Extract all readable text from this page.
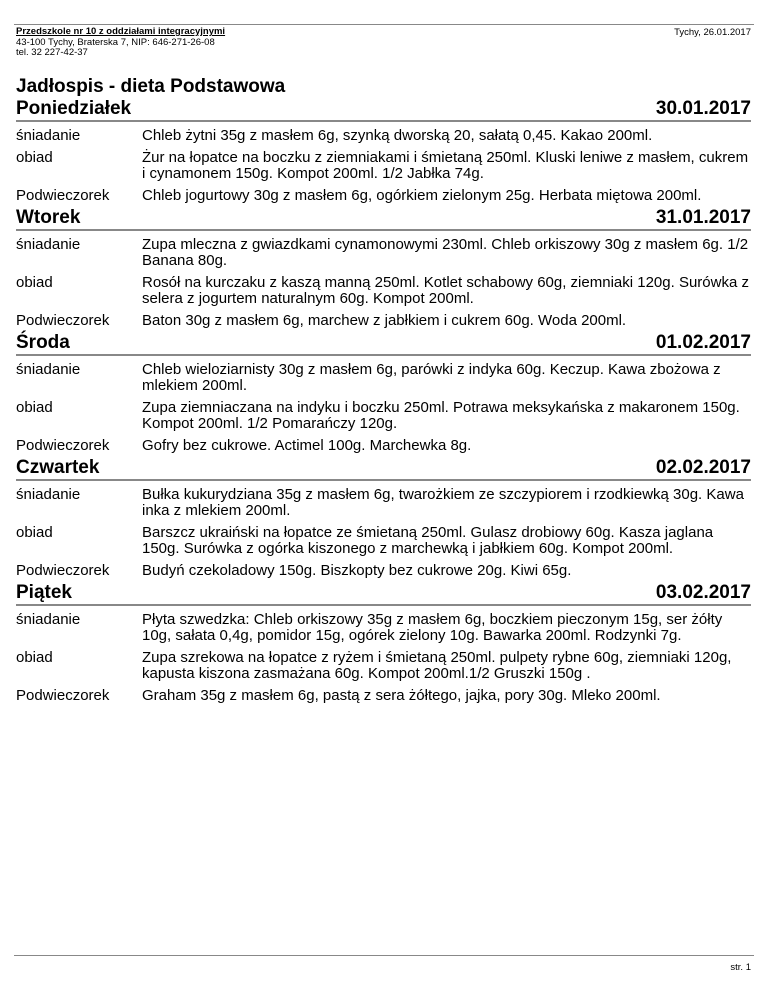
Przedszkole nr 10 z oddziałami integracyjnymi
43-100 Tychy, Braterska 7, NIP: 646-271-26-08
tel. 32 227-42-37
Tychy, 26.01.2017
Jadłospis - dieta Podstawowa
Poniedziałek	30.01.2017
śniadanie	Chleb żytni 35g z masłem 6g, szynką dworską 20, sałatą 0,45. Kakao 200ml.
obiad	Żur na łopatce na boczku z ziemniakami i śmietaną 250ml. Kluski leniwe z masłem, cukrem i cynamonem 150g. Kompot 200ml. 1/2 Jabłka 74g.
Podwieczorek	Chleb jogurtowy 30g z masłem 6g, ogórkiem zielonym 25g. Herbata miętowa 200ml.
Wtorek	31.01.2017
śniadanie	Zupa mleczna z gwiazdkami cynamonowymi 230ml. Chleb orkiszowy 30g z masłem 6g. 1/2 Banana 80g.
obiad	Rosół na kurczaku z kaszą manną 250ml. Kotlet schabowy 60g, ziemniaki 120g. Surówka z selera z jogurtem naturalnym 60g. Kompot 200ml.
Podwieczorek	Baton 30g z masłem 6g, marchew z jabłkiem i cukrem 60g. Woda 200ml.
Środa	01.02.2017
śniadanie	Chleb wieloziarnisty 30g z masłem 6g, parówki z indyka 60g. Keczup. Kawa zbożowa z mlekiem 200ml.
obiad	Zupa ziemniaczana na indyku i boczku 250ml. Potrawa meksykańska z makaronem 150g. Kompot 200ml. 1/2 Pomarańczy 120g.
Podwieczorek	Gofry bez cukrowe. Actimel 100g. Marchewka 8g.
Czwartek	02.02.2017
śniadanie	Bułka kukurydziana 35g z masłem 6g, twarożkiem ze szczypiorem i rzodkiewką 30g. Kawa inka z mlekiem 200ml.
obiad	Barszcz ukraiński na łopatce ze śmietaną 250ml. Gulasz drobiowy 60g. Kasza jaglana 150g. Surówka z ogórka kiszonego z marchewką i jabłkiem 60g. Kompot 200ml.
Podwieczorek	Budyń czekoladowy 150g. Biszkopty bez cukrowe 20g. Kiwi 65g.
Piątek	03.02.2017
śniadanie	Płyta szwedzka: Chleb orkiszowy 35g z masłem 6g, boczkiem pieczonym 15g, ser żółty 10g, sałata 0,4g, pomidor 15g, ogórek zielony 10g. Bawarka 200ml. Rodzynki 7g.
obiad	Zupa szrekowa na łopatce z ryżem i śmietaną 250ml. pulpety rybne 60g, ziemniaki 120g, kapusta kiszona zasmażana 60g. Kompot 200ml.1/2 Gruszki 150g .
Podwieczorek	Graham 35g z masłem 6g, pastą z sera żółtego, jajka, pory 30g. Mleko 200ml.
str. 1
